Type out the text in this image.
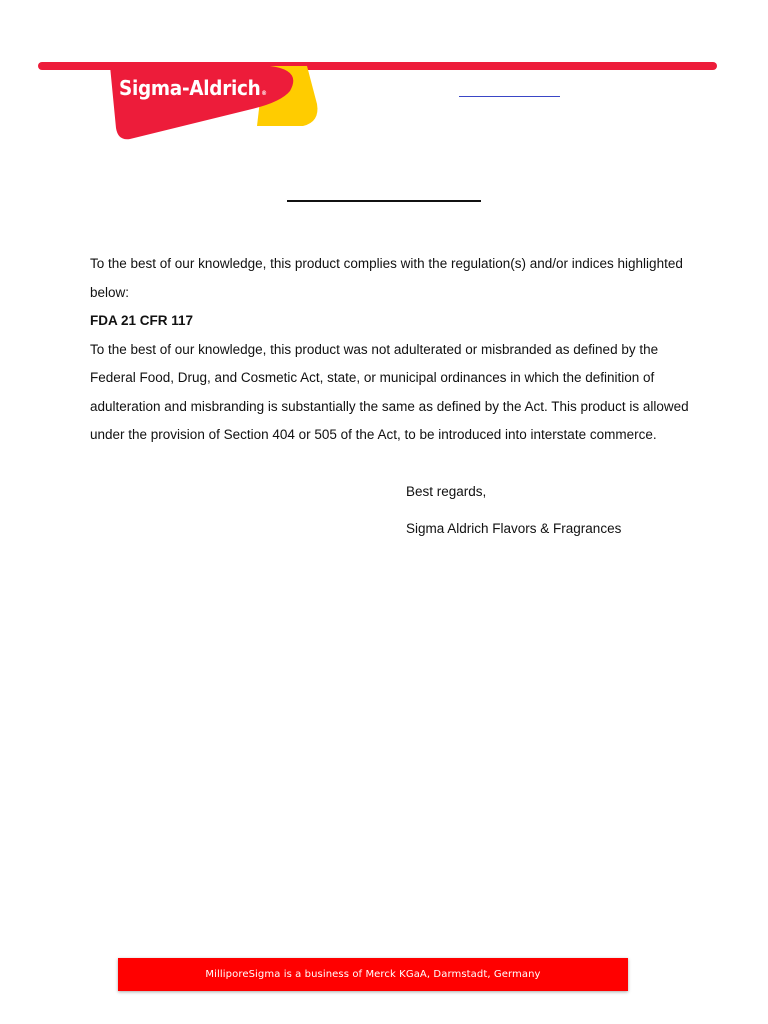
Sigma-Aldrich®

To the best of our knowledge, this product complies with the regulation(s) and/or indices highlighted below:

FDA 21 CFR 117

To the best of our knowledge, this product was not adulterated or misbranded as defined by the Federal Food, Drug, and Cosmetic Act, state, or municipal ordinances in which the definition of adulteration and misbranding is substantially the same as defined by the Act. This product is allowed under the provision of Section 404 or 505 of the Act, to be introduced into interstate commerce.

Best regards,

Sigma Aldrich Flavors & Fragrances

MilliporeSigma is a business of Merck KGaA, Darmstadt, Germany
